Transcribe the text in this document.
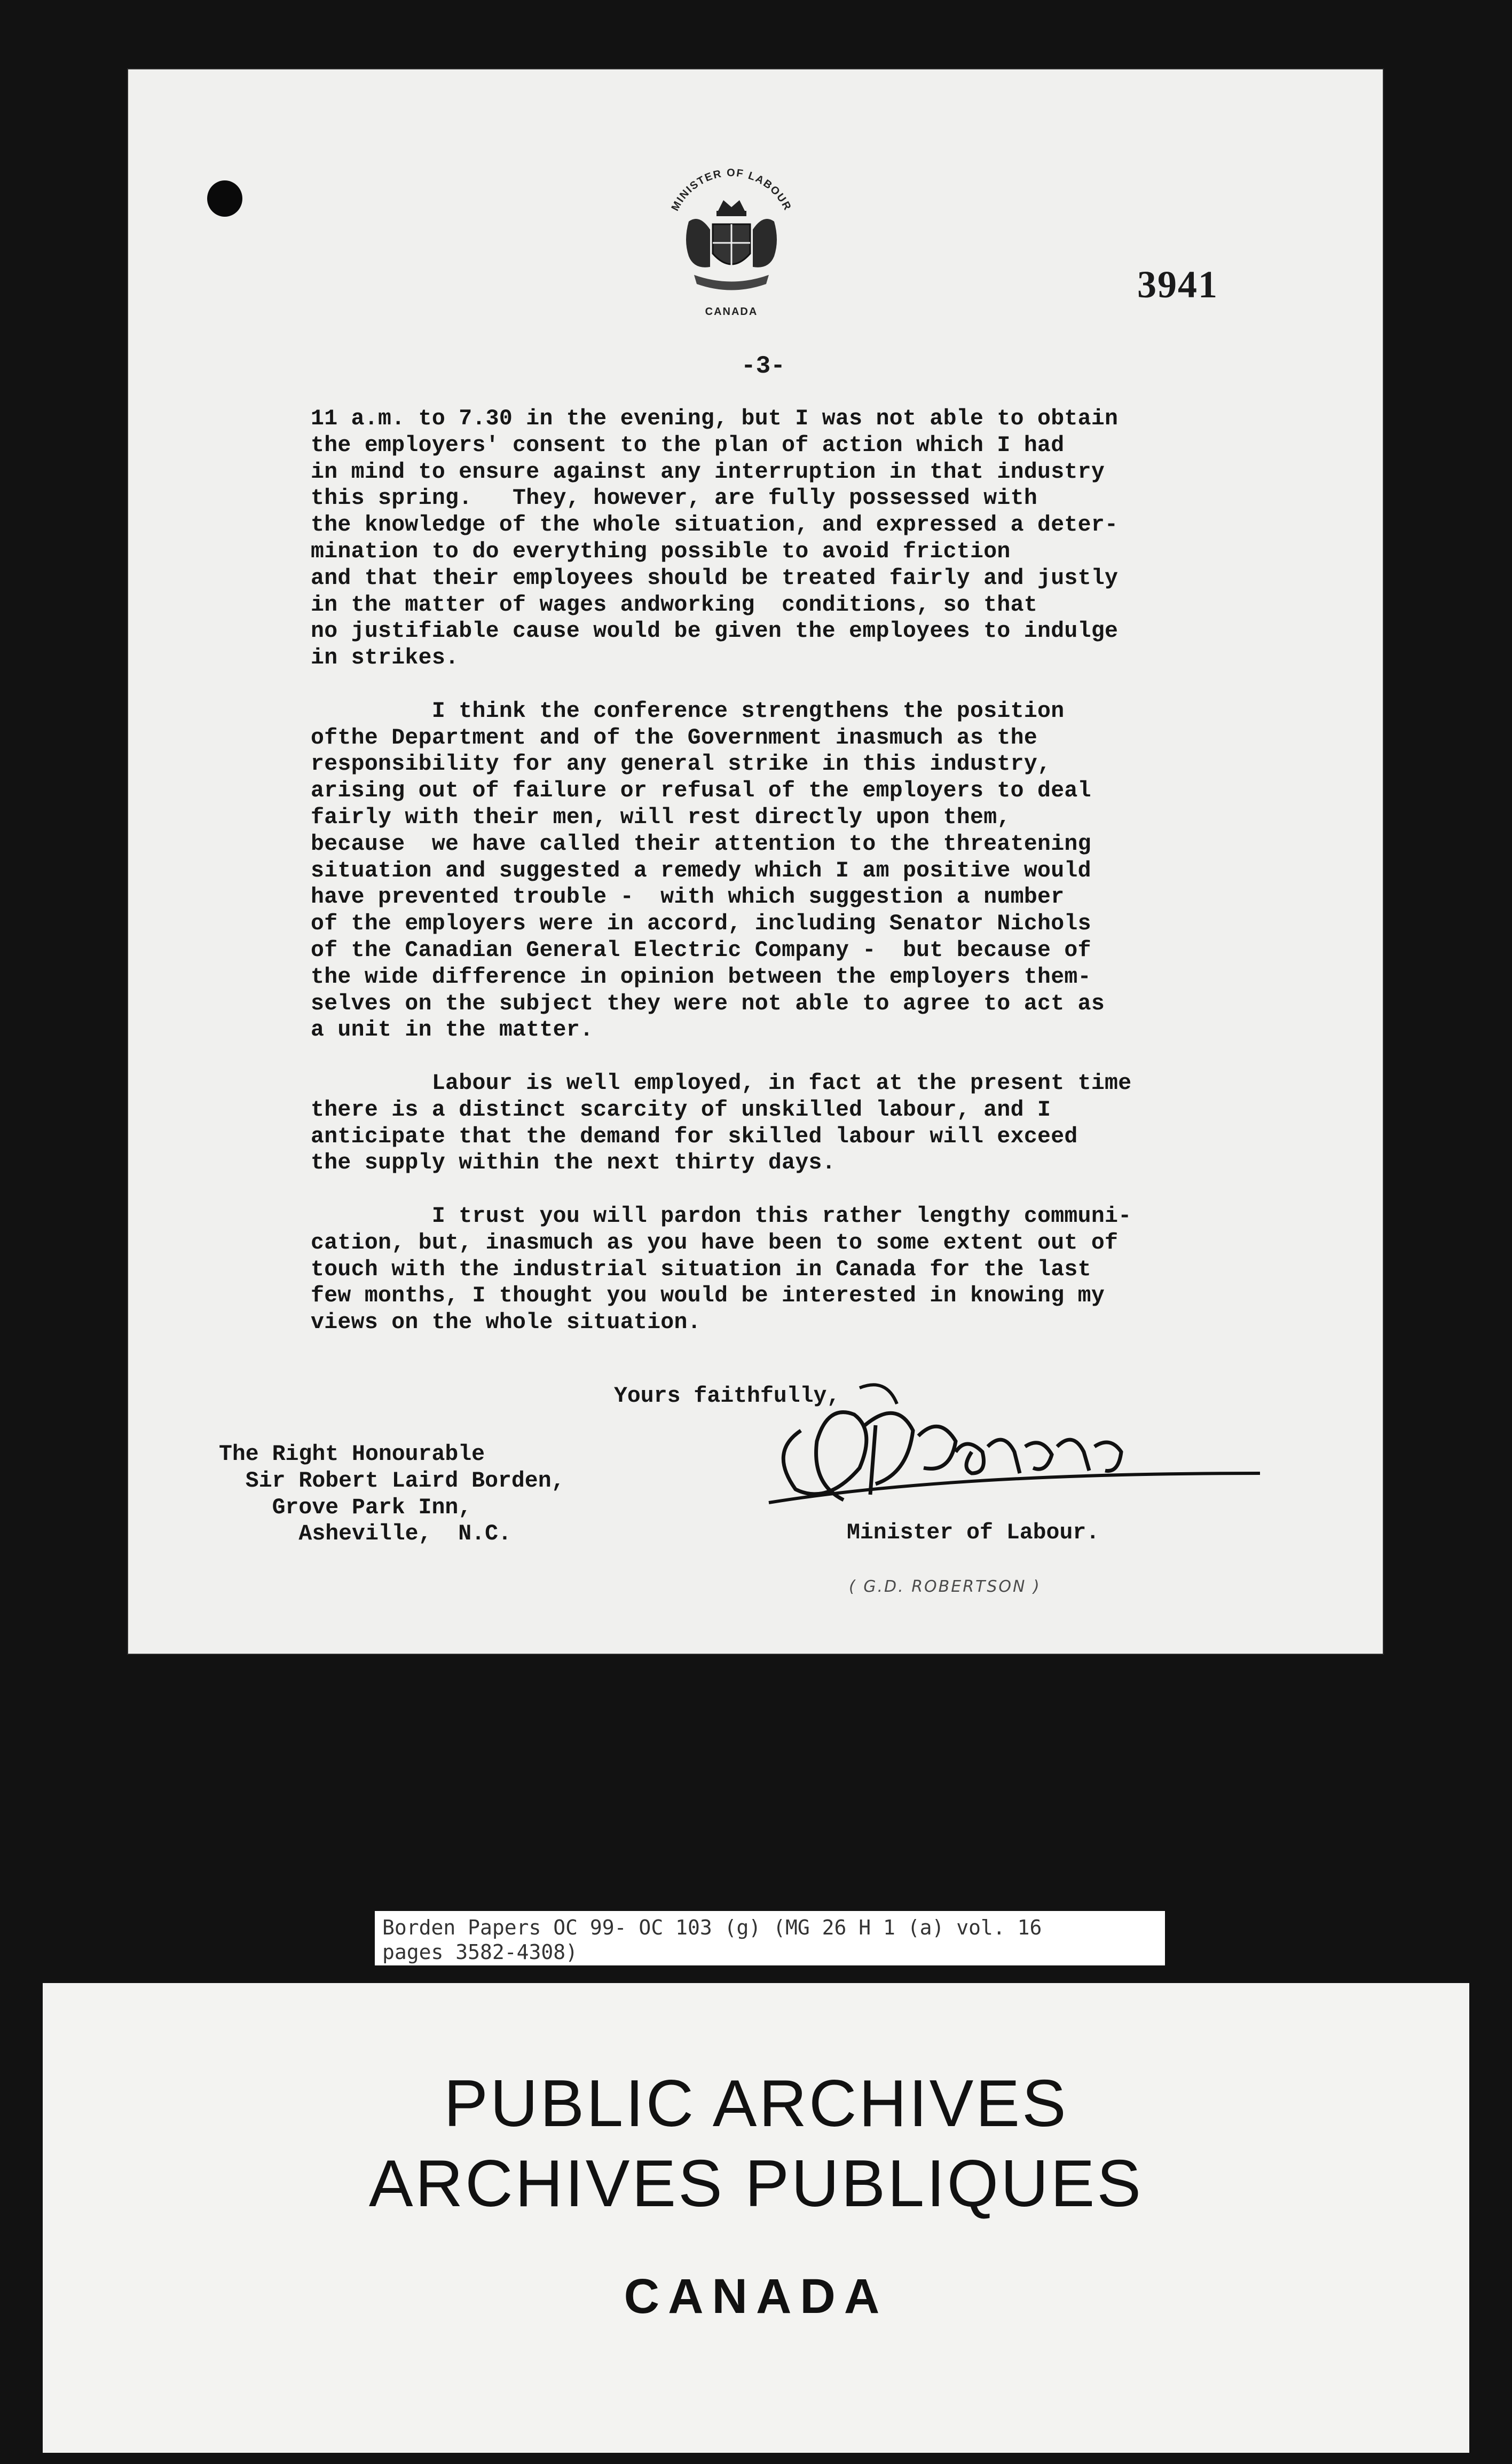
MINISTER OF LABOUR
CANADA
3941
-3-
11 a.m. to 7.30 in the evening, but I was not able to obtain
the employers' consent to the plan of action which I had
in mind to ensure against any interruption in that industry
this spring.   They, however, are fully possessed with
the knowledge of the whole situation, and expressed a deter-
mination to do everything possible to avoid friction
and that their employees should be treated fairly and justly
in the matter of wages andworking  conditions, so that
no justifiable cause would be given the employees to indulge
in strikes.
I think the conference strengthens the position
ofthe Department and of the Government inasmuch as the
responsibility for any general strike in this industry,
arising out of failure or refusal of the employers to deal
fairly with their men, will rest directly upon them,
because  we have called their attention to the threatening
situation and suggested a remedy which I am positive would
have prevented trouble -  with which suggestion a number
of the employers were in accord, including Senator Nichols
of the Canadian General Electric Company -  but because of
the wide difference in opinion between the employers them-
selves on the subject they were not able to agree to act as
a unit in the matter.
Labour is well employed, in fact at the present time
there is a distinct scarcity of unskilled labour, and I
anticipate that the demand for skilled labour will exceed
the supply within the next thirty days.
I trust you will pardon this rather lengthy communi-
cation, but, inasmuch as you have been to some extent out of
touch with the industrial situation in Canada for the last
few months, I thought you would be interested in knowing my
views on the whole situation.
Yours faithfully,
The Right Honourable
Sir Robert Laird Borden,
Grove Park Inn,
Asheville,  N.C.	Minister of Labour.
( G.D. ROBERTSON )
Borden Papers OC 99- OC 103 (g) (MG 26 H 1 (a) vol. 16
pages 3582-4308)
PUBLIC ARCHIVES
ARCHIVES PUBLIQUES
CANADA
